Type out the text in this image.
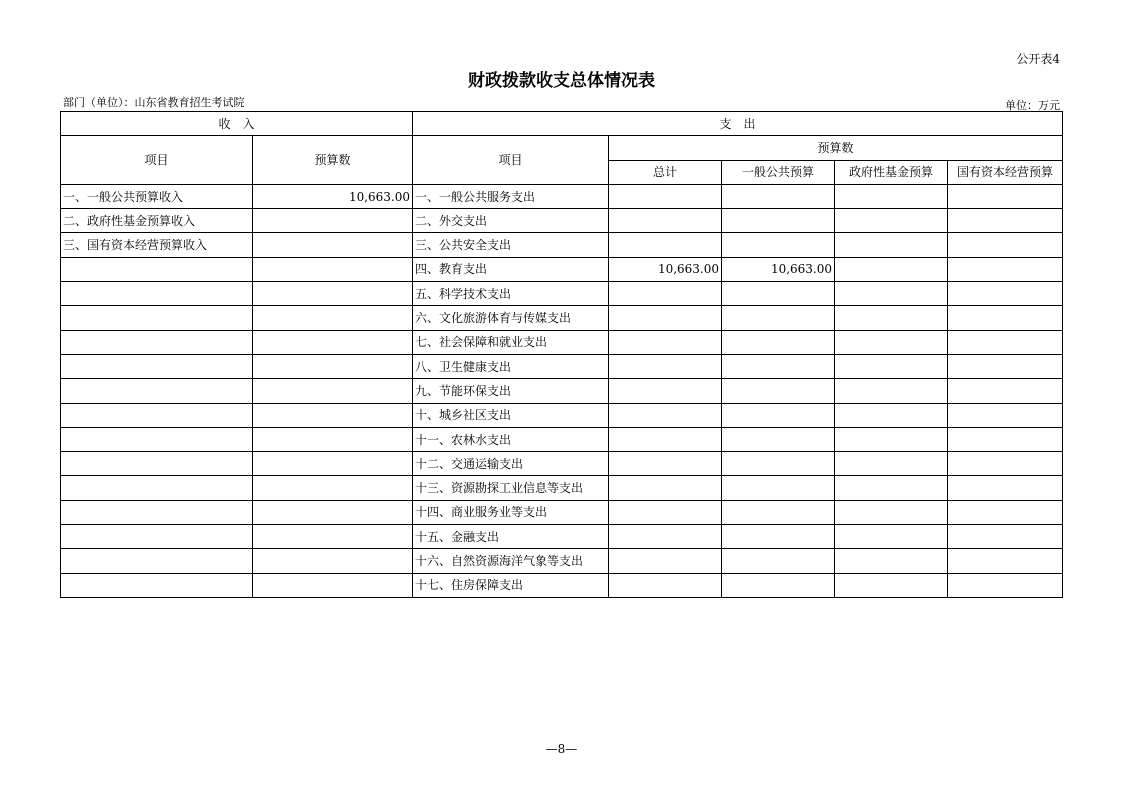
公开表4
财政拨款收支总体情况表
部门（单位）：山东省教育招生考试院	单位：万元
收　入		支　出				
项目	预算数	项目	预算数			
			总计	一般公共预算	政府性基金预算	国有资本经营预算
一、一般公共预算收入	10,663.00	一、一般公共服务支出				
二、政府性基金预算收入		二、外交支出				
三、国有资本经营预算收入		三、公共安全支出				
		四、教育支出	10,663.00	10,663.00		
		五、科学技术支出				
		六、文化旅游体育与传媒支出				
		七、社会保障和就业支出				
		八、卫生健康支出				
		九、节能环保支出				
		十、城乡社区支出				
		十一、农林水支出				
		十二、交通运输支出				
		十三、资源勘探工业信息等支出				
		十四、商业服务业等支出				
		十五、金融支出				
		十六、自然资源海洋气象等支出				
		十七、住房保障支出				
—8—
